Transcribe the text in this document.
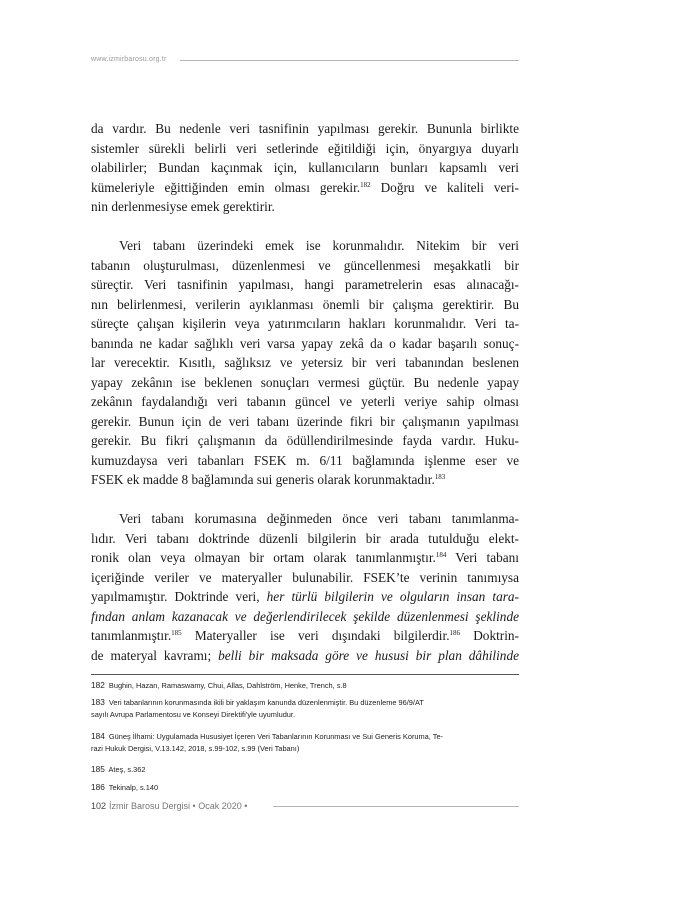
www.izmirbarosu.org.tr
da vardır. Bu nedenle veri tasnifinin yapılması gerekir. Bununla birlikte
sistemler sürekli belirli veri setlerinde eğitildiği için, önyargıya duyarlı
olabilirler; Bundan kaçınmak için, kullanıcıların bunları kapsamlı veri
kümeleriyle eğittiğinden emin olması gerekir.$^{182}$ Doğru ve kaliteli veri-
nin derlenmesiyse emek gerektirir.
Veri tabanı üzerindeki emek ise korunmalıdır. Nitekim bir veri
tabanın oluşturulması, düzenlenmesi ve güncellenmesi meşakkatli bir
süreçtir. Veri tasnifinin yapılması, hangi parametrelerin esas alınacağı-
nın belirlenmesi, verilerin ayıklanması önemli bir çalışma gerektirir. Bu
süreçte çalışan kişilerin veya yatırımcıların hakları korunmalıdır. Veri ta-
banında ne kadar sağlıklı veri varsa yapay zekâ da o kadar başarılı sonuç-
lar verecektir. Kısıtlı, sağlıksız ve yetersiz bir veri tabanından beslenen
yapay zekânın ise beklenen sonuçları vermesi güçtür. Bu nedenle yapay
zekânın faydalandığı veri tabanın güncel ve yeterli veriye sahip olması
gerekir. Bunun için de veri tabanı üzerinde fikri bir çalışmanın yapılması
gerekir. Bu fikri çalışmanın da ödüllendirilmesinde fayda vardır. Huku-
kumuzdaysa veri tabanları FSEK m. 6/11 bağlamında işlenme eser ve
FSEK ek madde 8 bağlamında sui generis olarak korunmaktadır.$^{183}$
Veri tabanı korumasına değinmeden önce veri tabanı tanımlanma-
lıdır. Veri tabanı doktrinde düzenli bilgilerin bir arada tutulduğu elekt-
ronik olan veya olmayan bir ortam olarak tanımlanmıştır.$^{184}$ Veri tabanı
içeriğinde veriler ve materyaller bulunabilir. FSEK’te verinin tanımıysa
yapılmamıştır. Doktrinde veri, her türlü bilgilerin ve olguların insan tara-
fından anlam kazanacak ve değerlendirilecek şekilde düzenlenmesi şeklinde
tanımlanmıştır.$^{185}$ Materyaller ise veri dışındaki bilgilerdir.$^{186}$ Doktrin-
de materyal kavramı; belli bir maksada göre ve hususi bir plan dâhilinde
182 Bughin, Hazan, Ramaswamy, Chui, Allas, Dahlström, Henke, Trench, s.8
183 Veri tabanlarının korunmasında ikili bir yaklaşım kanunda düzenlenmiştir. Bu düzenleme 96/9/AT
sayılı Avrupa Parlamentosu ve Konseyi Direktifi’yle uyumludur.
184 Güneş İlhami: Uygulamada Hususiyet İçeren Veri Tabanlarının Korunması ve Sui Generis Koruma, Te-
razi Hukuk Dergisi, V.13.142, 2018, s.99-102, s.99 (Veri Tabanı)
185 Ateş, s.362
186 Tekinalp, s.140
102 İzmir Barosu Dergisi • Ocak 2020 •
